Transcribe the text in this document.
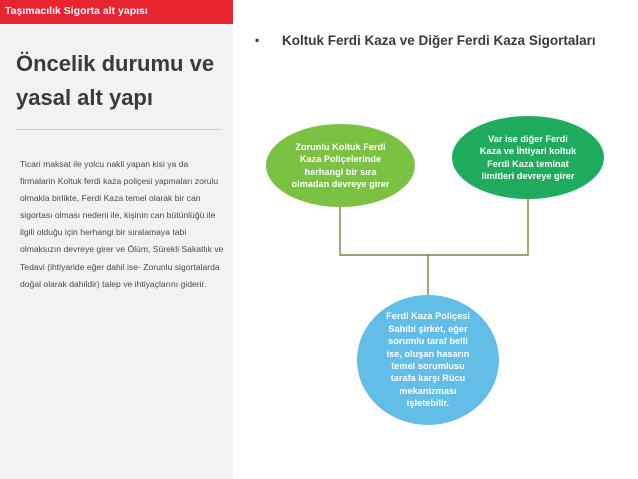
Taşımacılık Sigorta alt yapısı
Öncelik durumu ve yasal alt yapı
Ticari maksat ile yolcu nakli yapan kisi ya da firmalarin Koltuk ferdi kaza poliçesi yapmaları zorulu olmakla birlikte, Ferdi Kaza temel olarak bir can sigortası olması nedeni ile, kişinin can bütünlüğü ile ilgili olduğu için herhangi bir sıralamaya tabi olmaksızın devreye girer ve Ölüm, Sürekli Sakatlık ve Tedavi (ihtiyaride eğer dahil ise- Zorunlu sigortalarda doğal olarak dahildir) talep ve ihtiyaçlarını giderir.
▪	Koltuk Ferdi Kaza ve Diğer Ferdi Kaza Sigortaları
Zorunlu Koltuk Ferdi Kaza Poliçelerinde herhangi bir sıra olmadan devreye girer
Var ise diğer Ferdi Kaza ve İhtiyari koltuk Ferdi Kaza teminat limitleri devreye girer
Ferdi Kaza Poliçesi Sahibi şirket, eğer sorumlu taraf belli ise, oluşan hasarın temel sorumlusu tarafa karşı Rücu mekanizması işletebilir.
